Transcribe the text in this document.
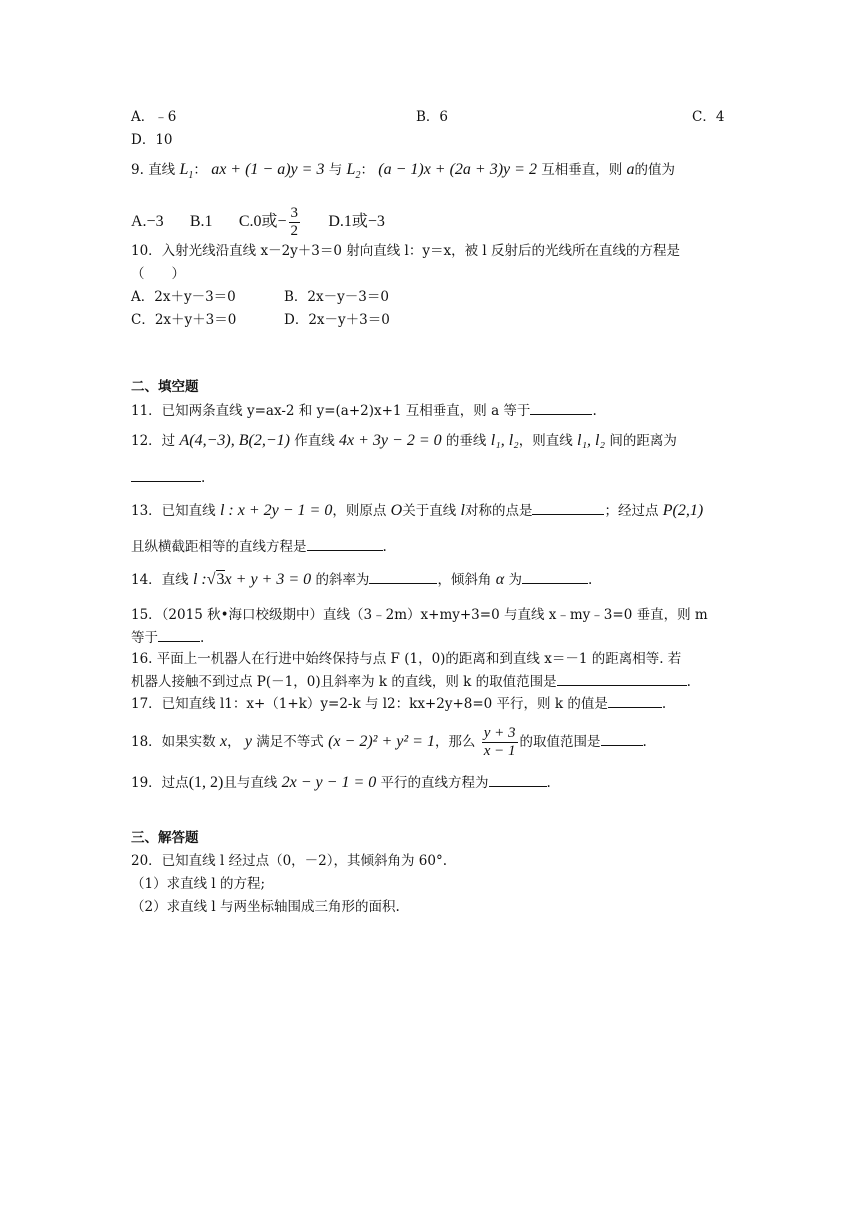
A．﹣6	B．6	C．4
D．10
9. 直线 $L_1$： ax + (1 − a)y = 3 与 $L_2$： (a − 1)x + (2a + 3)y = 2 互相垂直，则 a的值为
A.−3 B.1 C.0或− $\frac{3}{2} D.1$或−3
10．入射光线沿直线 x－2y＋3＝0 射向直线 l：y＝x，被 l 反射后的光线所在直线的方程是
（　　）
A．2x＋y－3＝0	B．2x－y－3＝0
C．2x＋y＋3＝0	D．2x－y＋3＝0
二、填空题
11．已知两条直线 y=ax-2 和 y=(a+2)x+1 互相垂直，则 a 等于	.
12．过 A(4,−3), B(2,−1) 作直线 4x + 3y − 2 = 0 的垂线 l₁, l₂，则直线 l₁, l₂ 间的距离为
.
13．已知直线 l : x + 2y − 1 = 0，则原点 O关于直线 l对称的点是	；经过点 P(2,1)
且纵横截距相等的直线方程是	.
14．直线 l :√3x + y + 3 = 0 的斜率为	，倾斜角 α 为	.
15．（2015 秋•海口校级期中）直线（3﹣2m）x+my+3=0 与直线 x﹣my﹣3=0 垂直，则 m
等于	.
16. 平面上一机器人在行进中始终保持与点 F (1，0)的距离和到直线 x＝－1 的距离相等. 若
机器人接触不到过点 P(－1，0)且斜率为 k 的直线，则 k 的取值范围是	.
17．已知直线 l1：x+（1+k）y=2-k 与 l2：kx+2y+8=0 平行，则 k 的值是	.
18．如果实数 x， y 满足不等式 (x − 2)² + y² = 1，那么 $\frac{y + 3}{x - 1}$ 的取值范围是	.
19．过点(1, 2)且与直线 2x − y − 1 = 0 平行的直线方程为	.
三、解答题
20．已知直线 l 经过点（0，－2），其倾斜角为 60°.
（1）求直线 l 的方程;
（2）求直线 l 与两坐标轴围成三角形的面积.
